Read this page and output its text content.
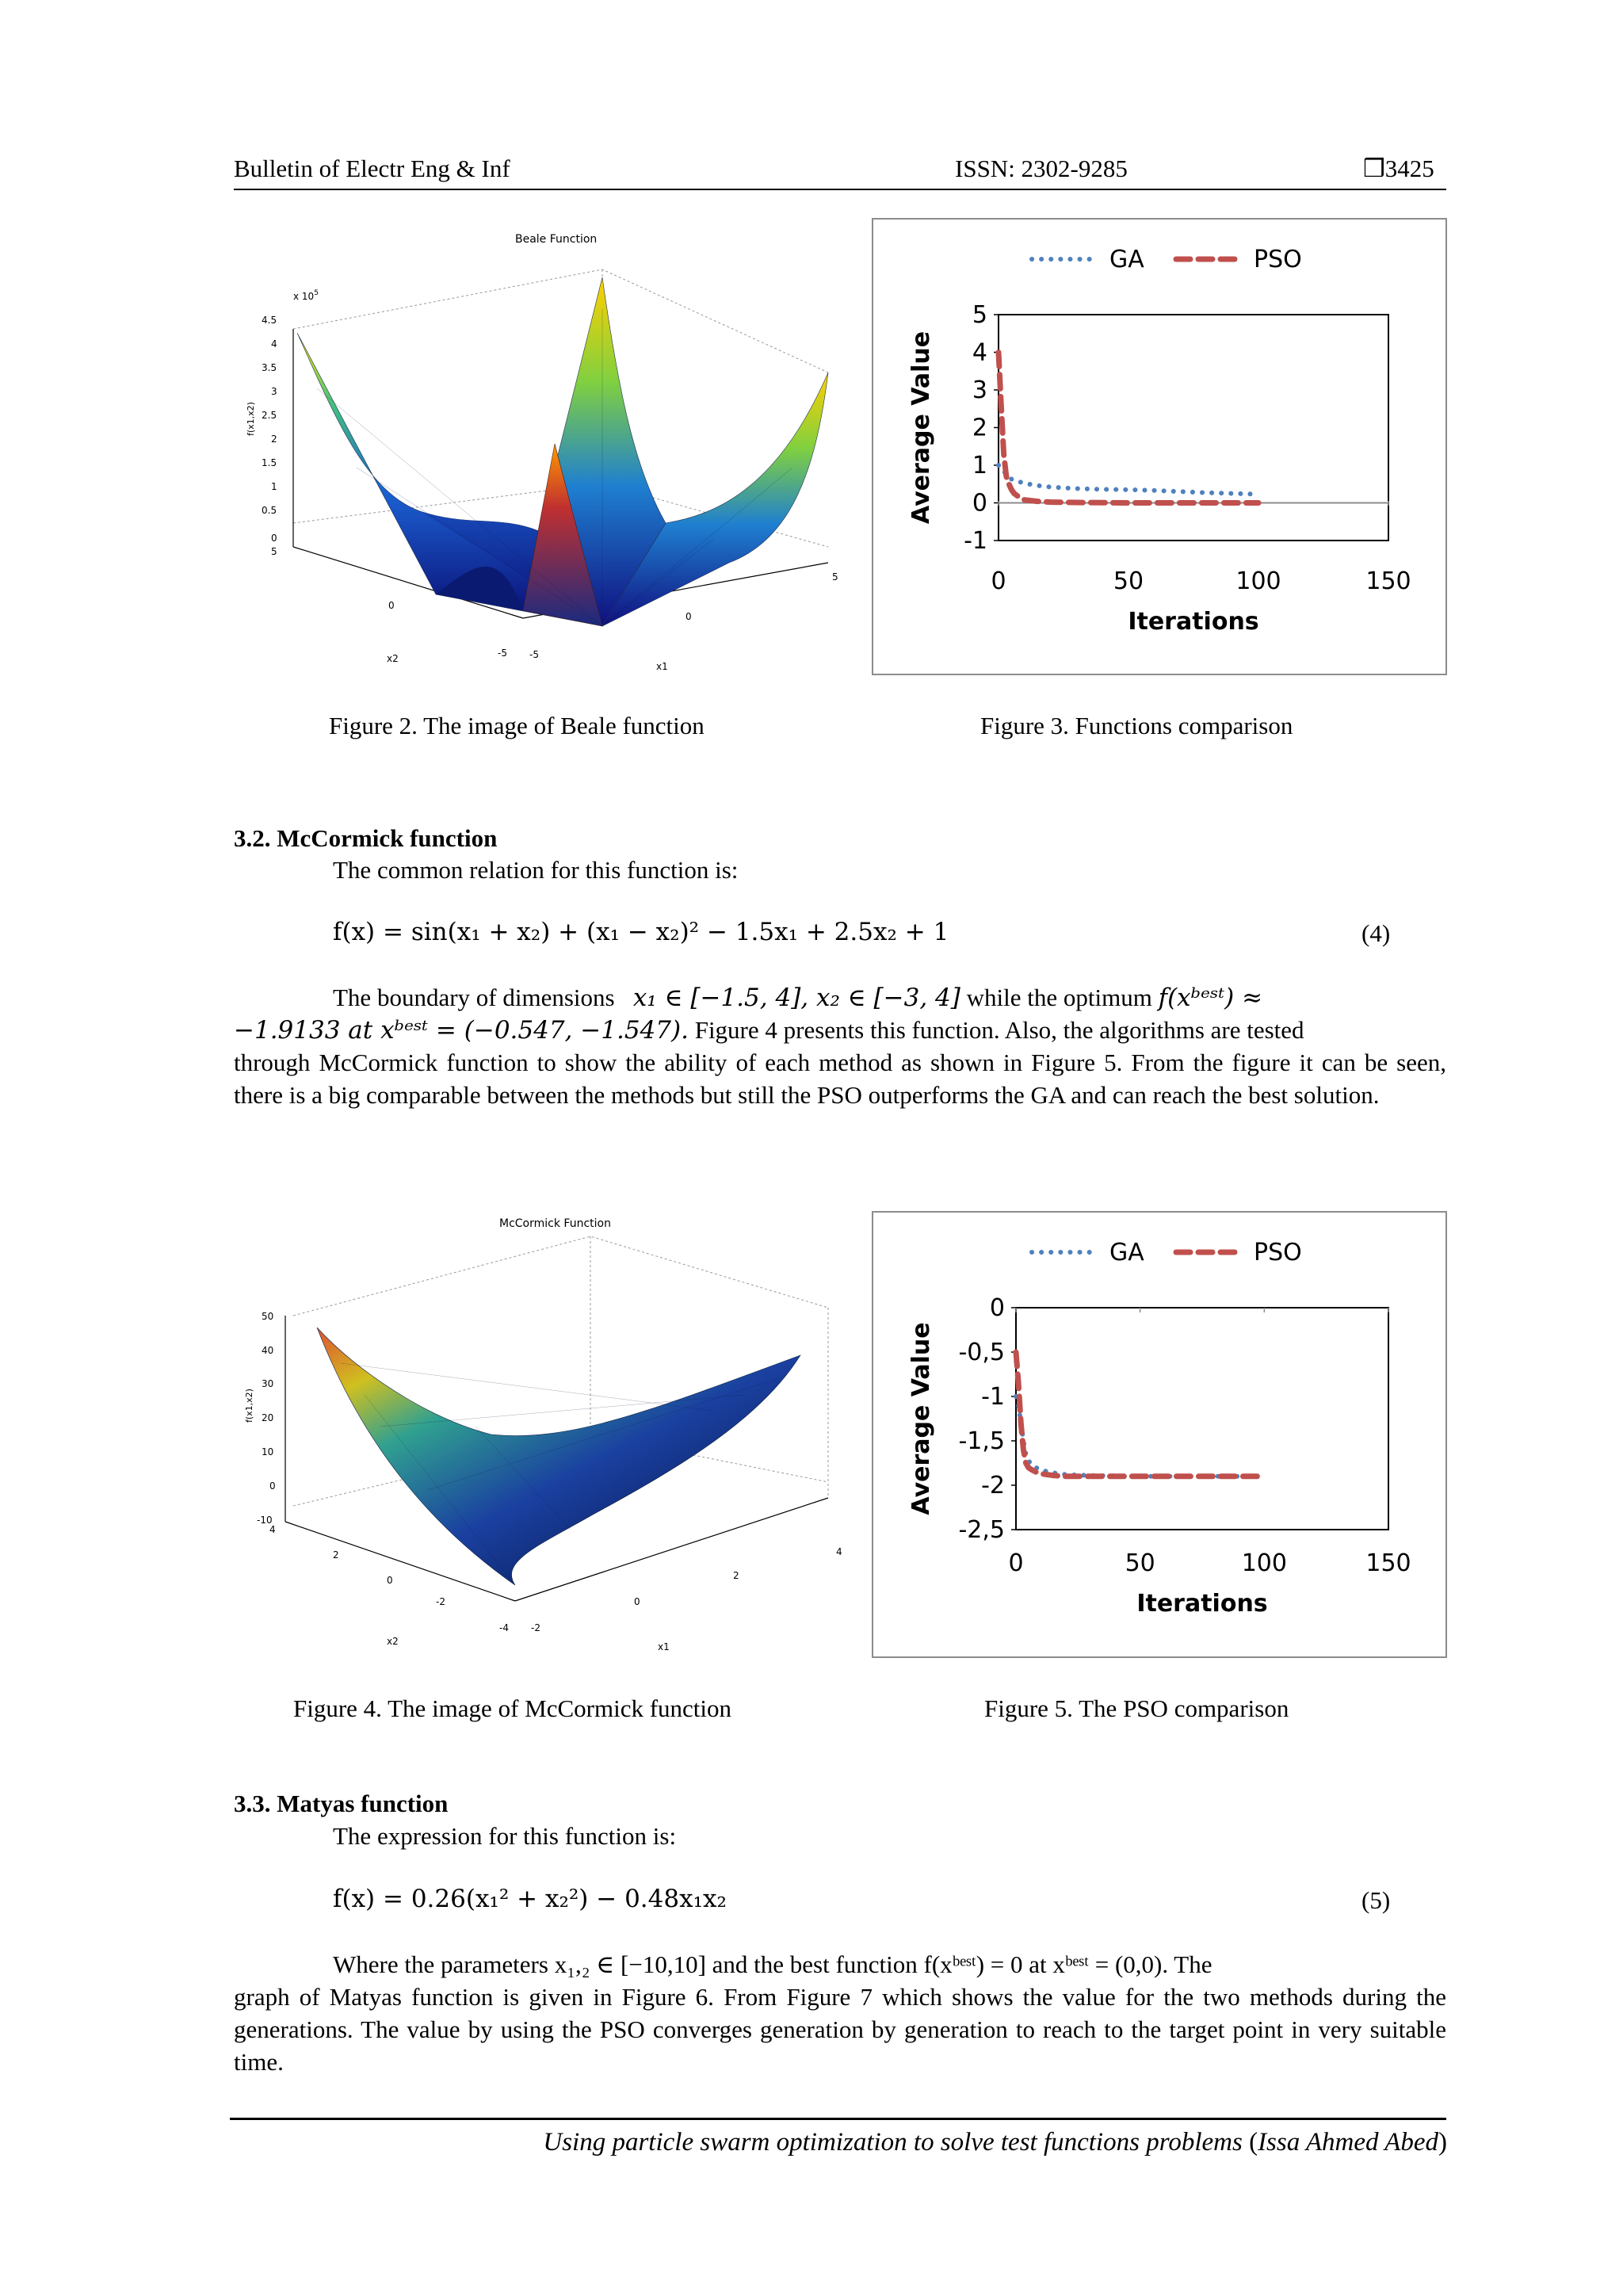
Bulletin of Electr Eng & Inf	ISSN: 2302-9285	❒3425
Beale Function
x $10^5$
4.5
4
3.5
3
2.5
2
1.5
1
0.5
0
f(x1,x2)
5
0
-5 -5
0
5
x2
x1
5
4
3
2
1
0
-1
0	50	100	150
Iterations
Average Value
GA	PSO
Figure 2. The image of Beale function	Figure 3. Functions comparison
3.2. McCormick function
The common relation for this function is:
f(x) = sin(x₁ + x₂) + (x₁ − x₂)² − 1.5x₁ + 2.5x₂ + 1	(4)
The boundary of dimensions x₁ ∈ [−1.5, 4], x₂ ∈ [−3, 4] while the optimum f(xᵇᵉˢᵗ) ≈
−1.9133 at xᵇᵉˢᵗ = (−0.547, −1.547). Figure 4 presents this function. Also, the algorithms are tested
through McCormick function to show the ability of each method as shown in Figure 5. From the figure it can be seen, there is a big comparable between the methods but still the PSO outperforms the GA and can reach the best solution.
McCormick Function
50
40
30
20
10
0
-10
f(x1,x2)
4
2
0
-2
-4 -2
0
2
4
x2	x1
0
-0,5
-1
-1,5
-2
-2,5
0	50	100	150
Iterations
Average Value
GA	PSO
Figure 4. The image of McCormick function	Figure 5. The PSO comparison
3.3. Matyas function
The expression for this function is:
f(x) = 0.26(x₁² + x₂²) − 0.48x₁x₂	(5)
Where the parameters x₁,₂ ∈ [−10,10] and the best function f(xᵇᵉˢᵗ) = 0 at xᵇᵉˢᵗ = (0,0). The
graph of Matyas function is given in Figure 6. From Figure 7 which shows the value for the two methods during the generations. The value by using the PSO converges generation by generation to reach to the target point in very suitable time.
Using particle swarm optimization to solve test functions problems (Issa Ahmed Abed)
